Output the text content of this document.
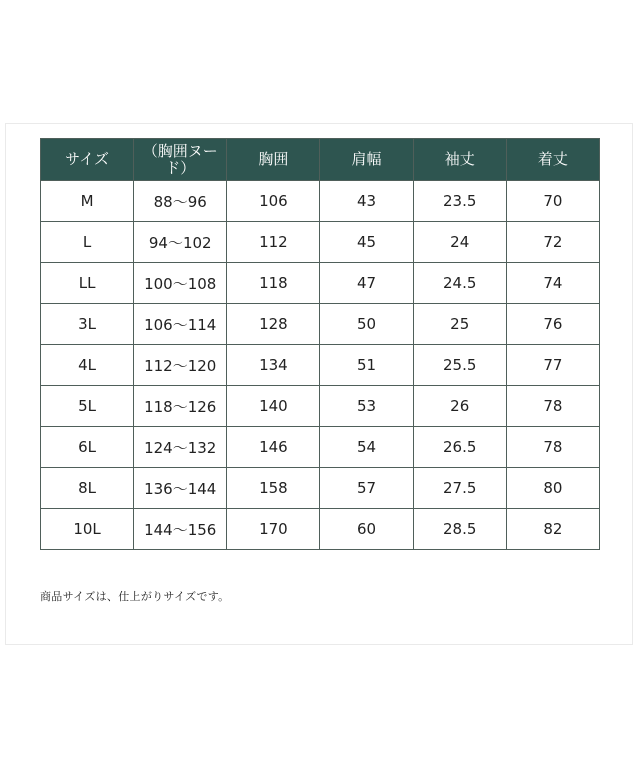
サイズ	（胸囲ヌード）	胸囲	肩幅	袖丈	着丈
M	88〜96	106	43	23.5	70
L	94〜102	112	45	24	72
LL	100〜108	118	47	24.5	74
3L	106〜114	128	50	25	76
4L	112〜120	134	51	25.5	77
5L	118〜126	140	53	26	78
6L	124〜132	146	54	26.5	78
8L	136〜144	158	57	27.5	80
10L	144〜156	170	60	28.5	82
商品サイズは、仕上がりサイズです。
